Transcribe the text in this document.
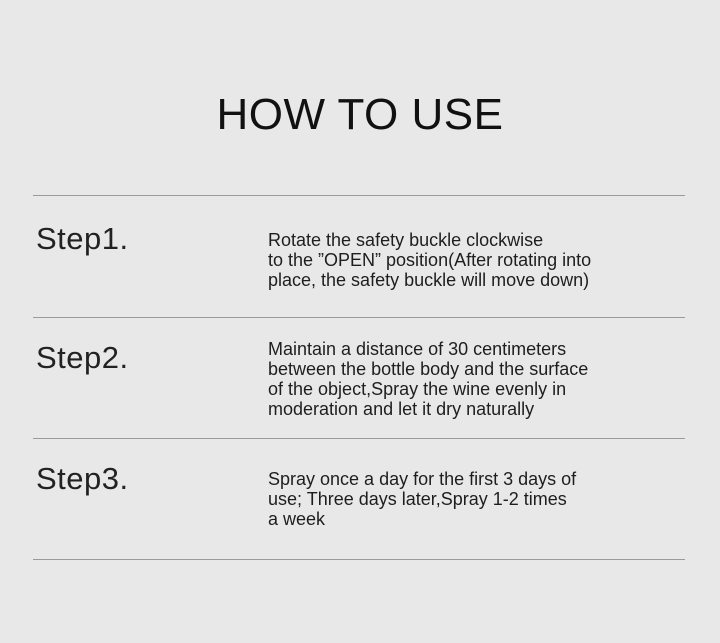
HOW TO USE
Step1.	Rotate the safety buckle clockwise
to the ”OPEN” position(After rotating into
place, the safety buckle will move down)
Step2.	Maintain a distance of 30 centimeters
between the bottle body and the surface
of the object,Spray the wine evenly in
moderation and let it dry naturally
Step3.	Spray once a day for the first 3 days of
use; Three days later,Spray 1-2 times
a week
